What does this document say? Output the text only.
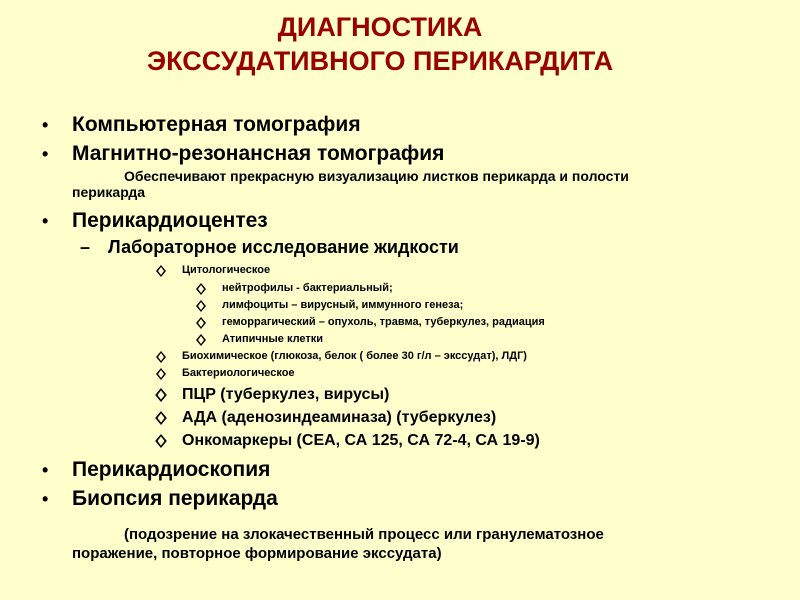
ДИАГНОСТИКА
ЭКССУДАТИВНОГО ПЕРИКАРДИТА
• Компьютерная томография
• Магнитно-резонансная томография
Обеспечивают прекрасную визуализацию листков перикарда и полости
перикарда
• Перикардиоцентез
– Лабораторное исследование жидкости
Цитологическое
нейтрофилы - бактериальный;
лимфоциты – вирусный, иммунного генеза;
геморрагический – опухоль, травма, туберкулез, радиация
Атипичные клетки
Биохимическое (глюкоза, белок ( более 30 г/л – экссудат), ЛДГ)
Бактериологическое
ПЦР (туберкулез, вирусы)
АДА (аденозиндеаминаза) (туберкулез)
Онкомаркеры (СЕА, СА 125, СА 72-4, СА 19-9)
• Перикардиоскопия
• Биопсия перикарда
(подозрение на злокачественный процесс или гранулематозное
поражение, повторное формирование экссудата)
